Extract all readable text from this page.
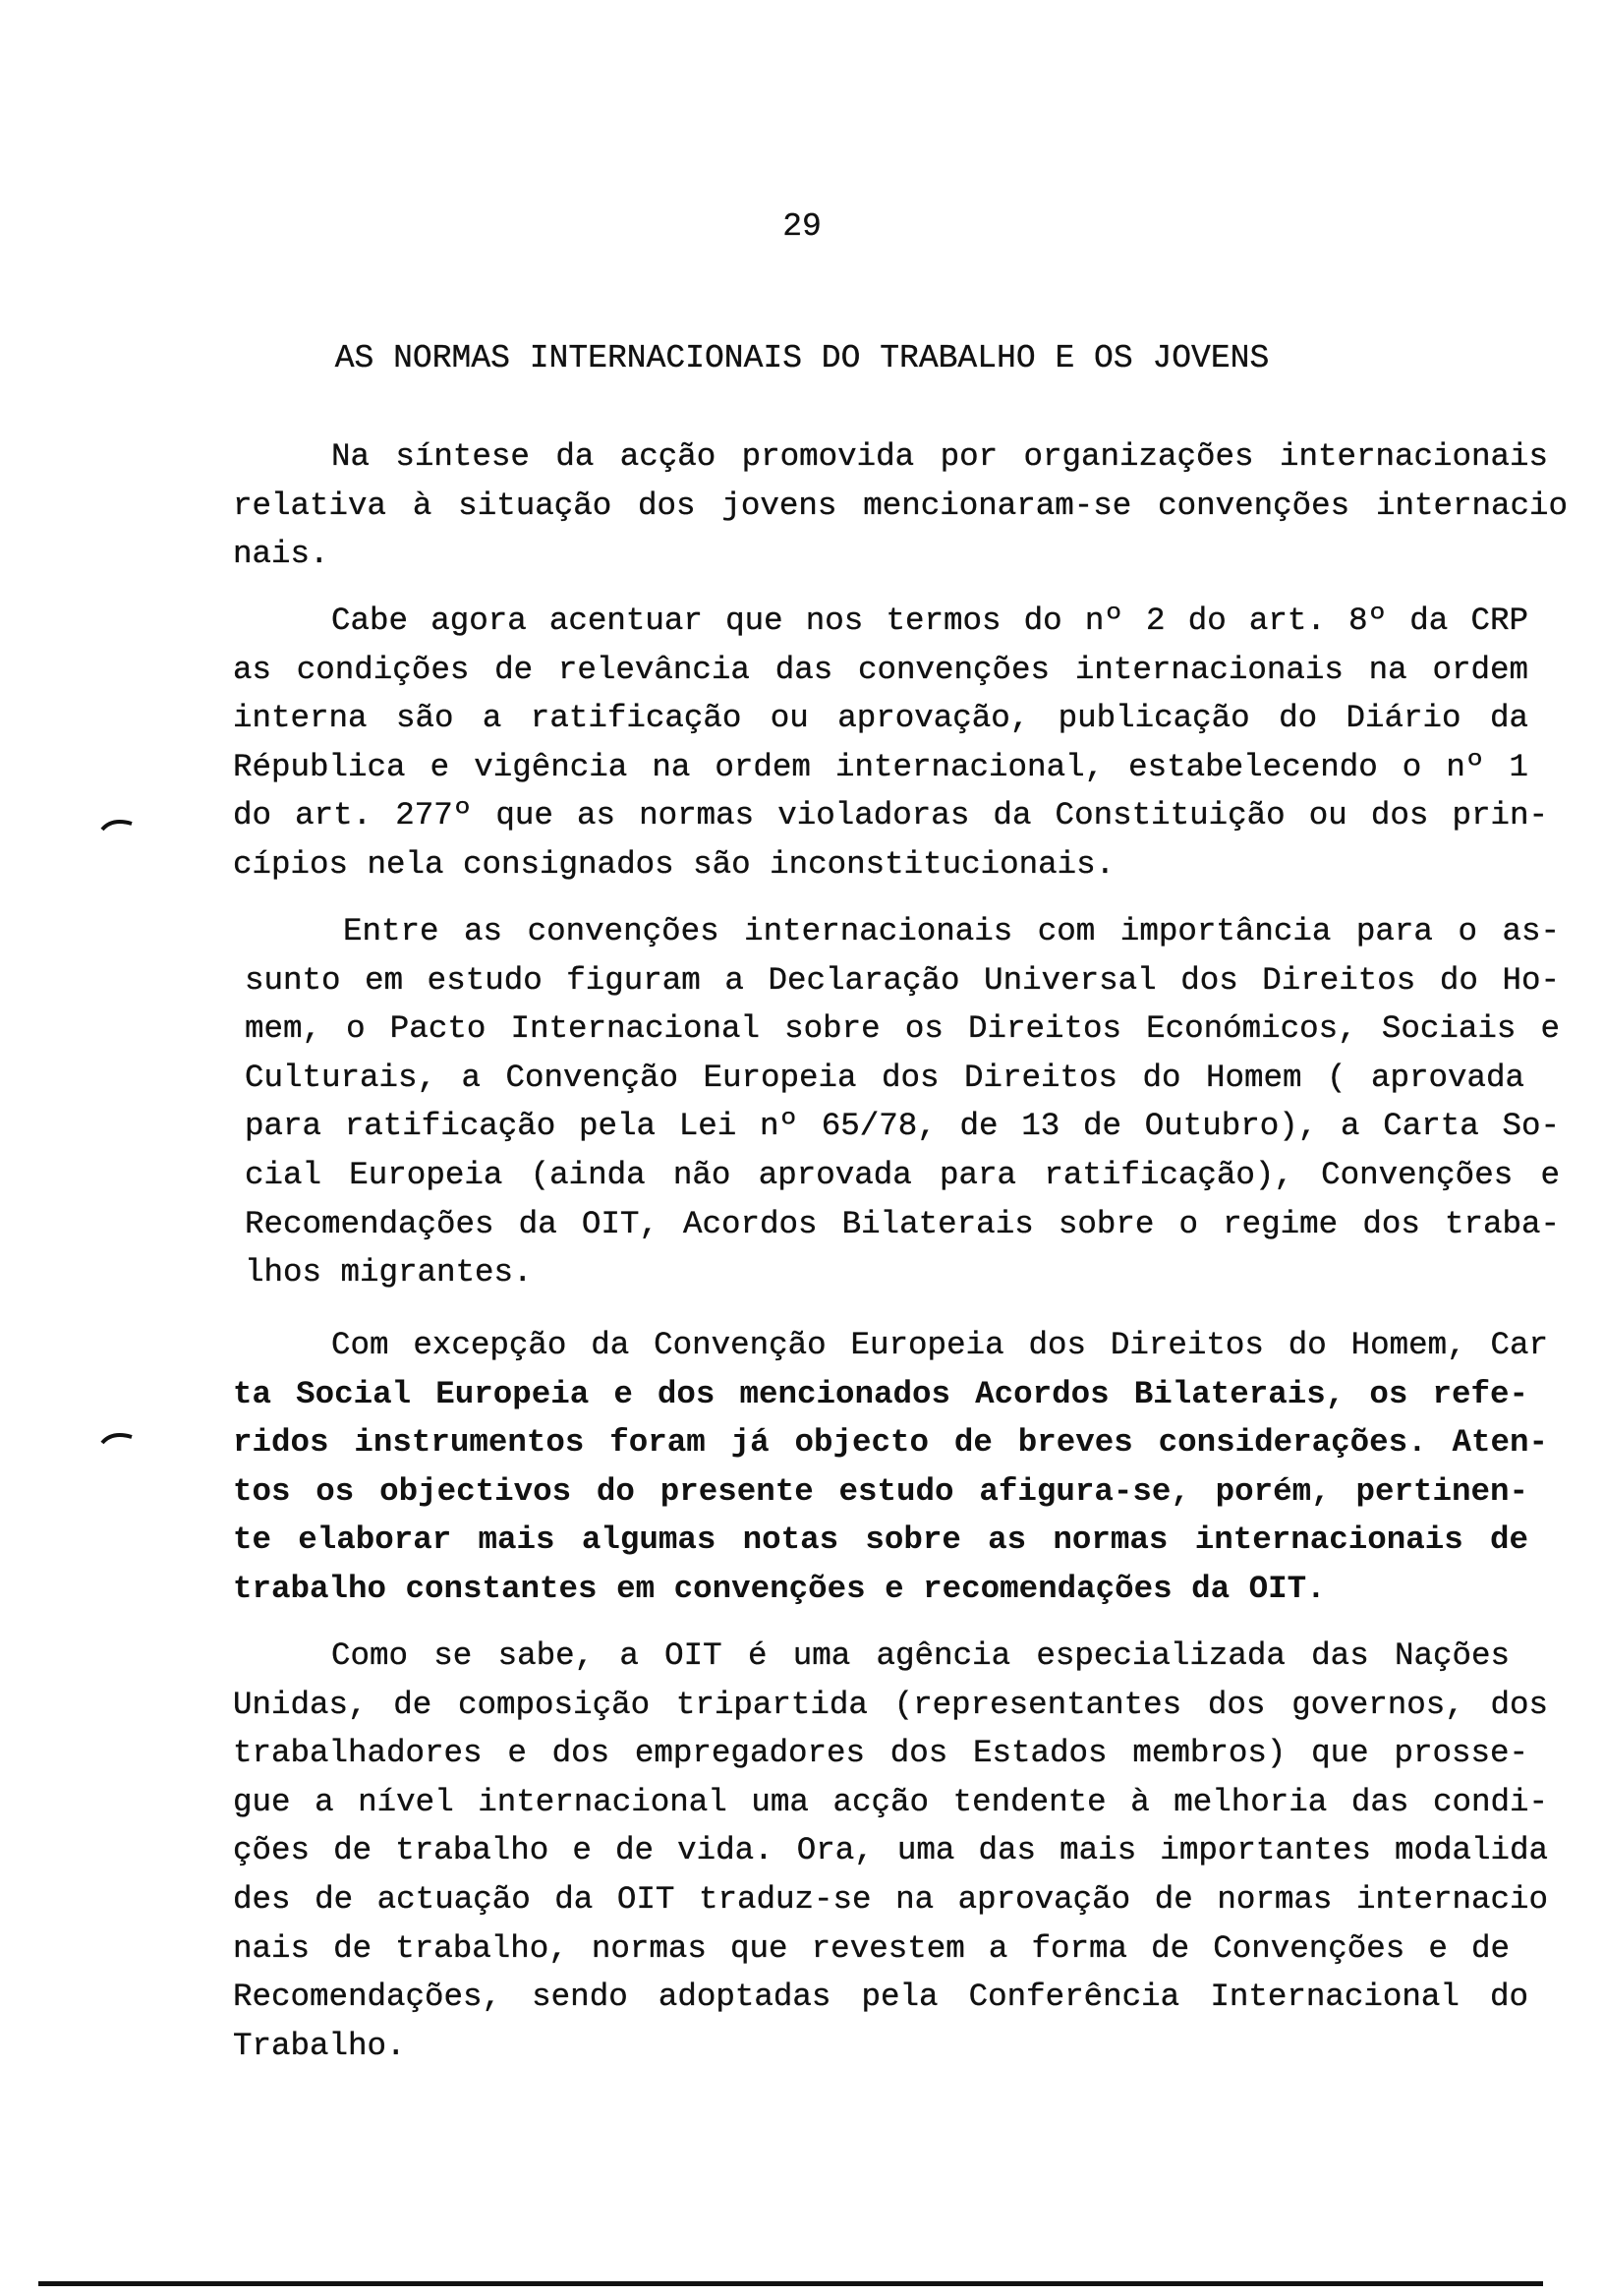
29
AS NORMAS INTERNACIONAIS DO TRABALHO E OS JOVENS
Na síntese da acção promovida por organizações internacionais
relativa à situação dos jovens mencionaram-se convenções internacio
nais.
Cabe agora acentuar que nos termos do nº 2 do art. 8º da CRP
as condições de relevância das convenções internacionais na ordem
interna são a ratificação ou aprovação, publicação do Diário da
Républica e vigência na ordem internacional, estabelecendo o nº 1
do art. 277º que as normas violadoras da Constituição ou dos prin-
cípios nela consignados são inconstitucionais.
Entre as convenções internacionais com importância para o as-
sunto em estudo figuram a Declaração Universal dos Direitos do Ho-
mem, o Pacto Internacional sobre os Direitos Económicos, Sociais e
Culturais, a Convenção Europeia dos Direitos do Homem ( aprovada
para ratificação pela Lei nº 65/78, de 13 de Outubro), a Carta So-
cial Europeia (ainda não aprovada para ratificação), Convenções e
Recomendações da OIT, Acordos Bilaterais sobre o regime dos traba-
lhos migrantes.
Com excepção da Convenção Europeia dos Direitos do Homem, Car
ta Social Europeia e dos mencionados Acordos Bilaterais, os refe-
ridos instrumentos foram já objecto de breves considerações. Aten-
tos os objectivos do presente estudo afigura-se, porém, pertinen-
te elaborar mais algumas notas sobre as normas internacionais de
trabalho constantes em convenções e recomendações da OIT.
Como se sabe, a OIT é uma agência especializada das Nações
Unidas, de composição tripartida (representantes dos governos, dos
trabalhadores e dos empregadores dos Estados membros) que prosse-
gue a nível internacional uma acção tendente à melhoria das condi-
ções de trabalho e de vida. Ora, uma das mais importantes modalida
des de actuação da OIT traduz-se na aprovação de normas internacio
nais de trabalho, normas que revestem a forma de Convenções e de
Recomendações, sendo adoptadas pela Conferência Internacional do
Trabalho.
